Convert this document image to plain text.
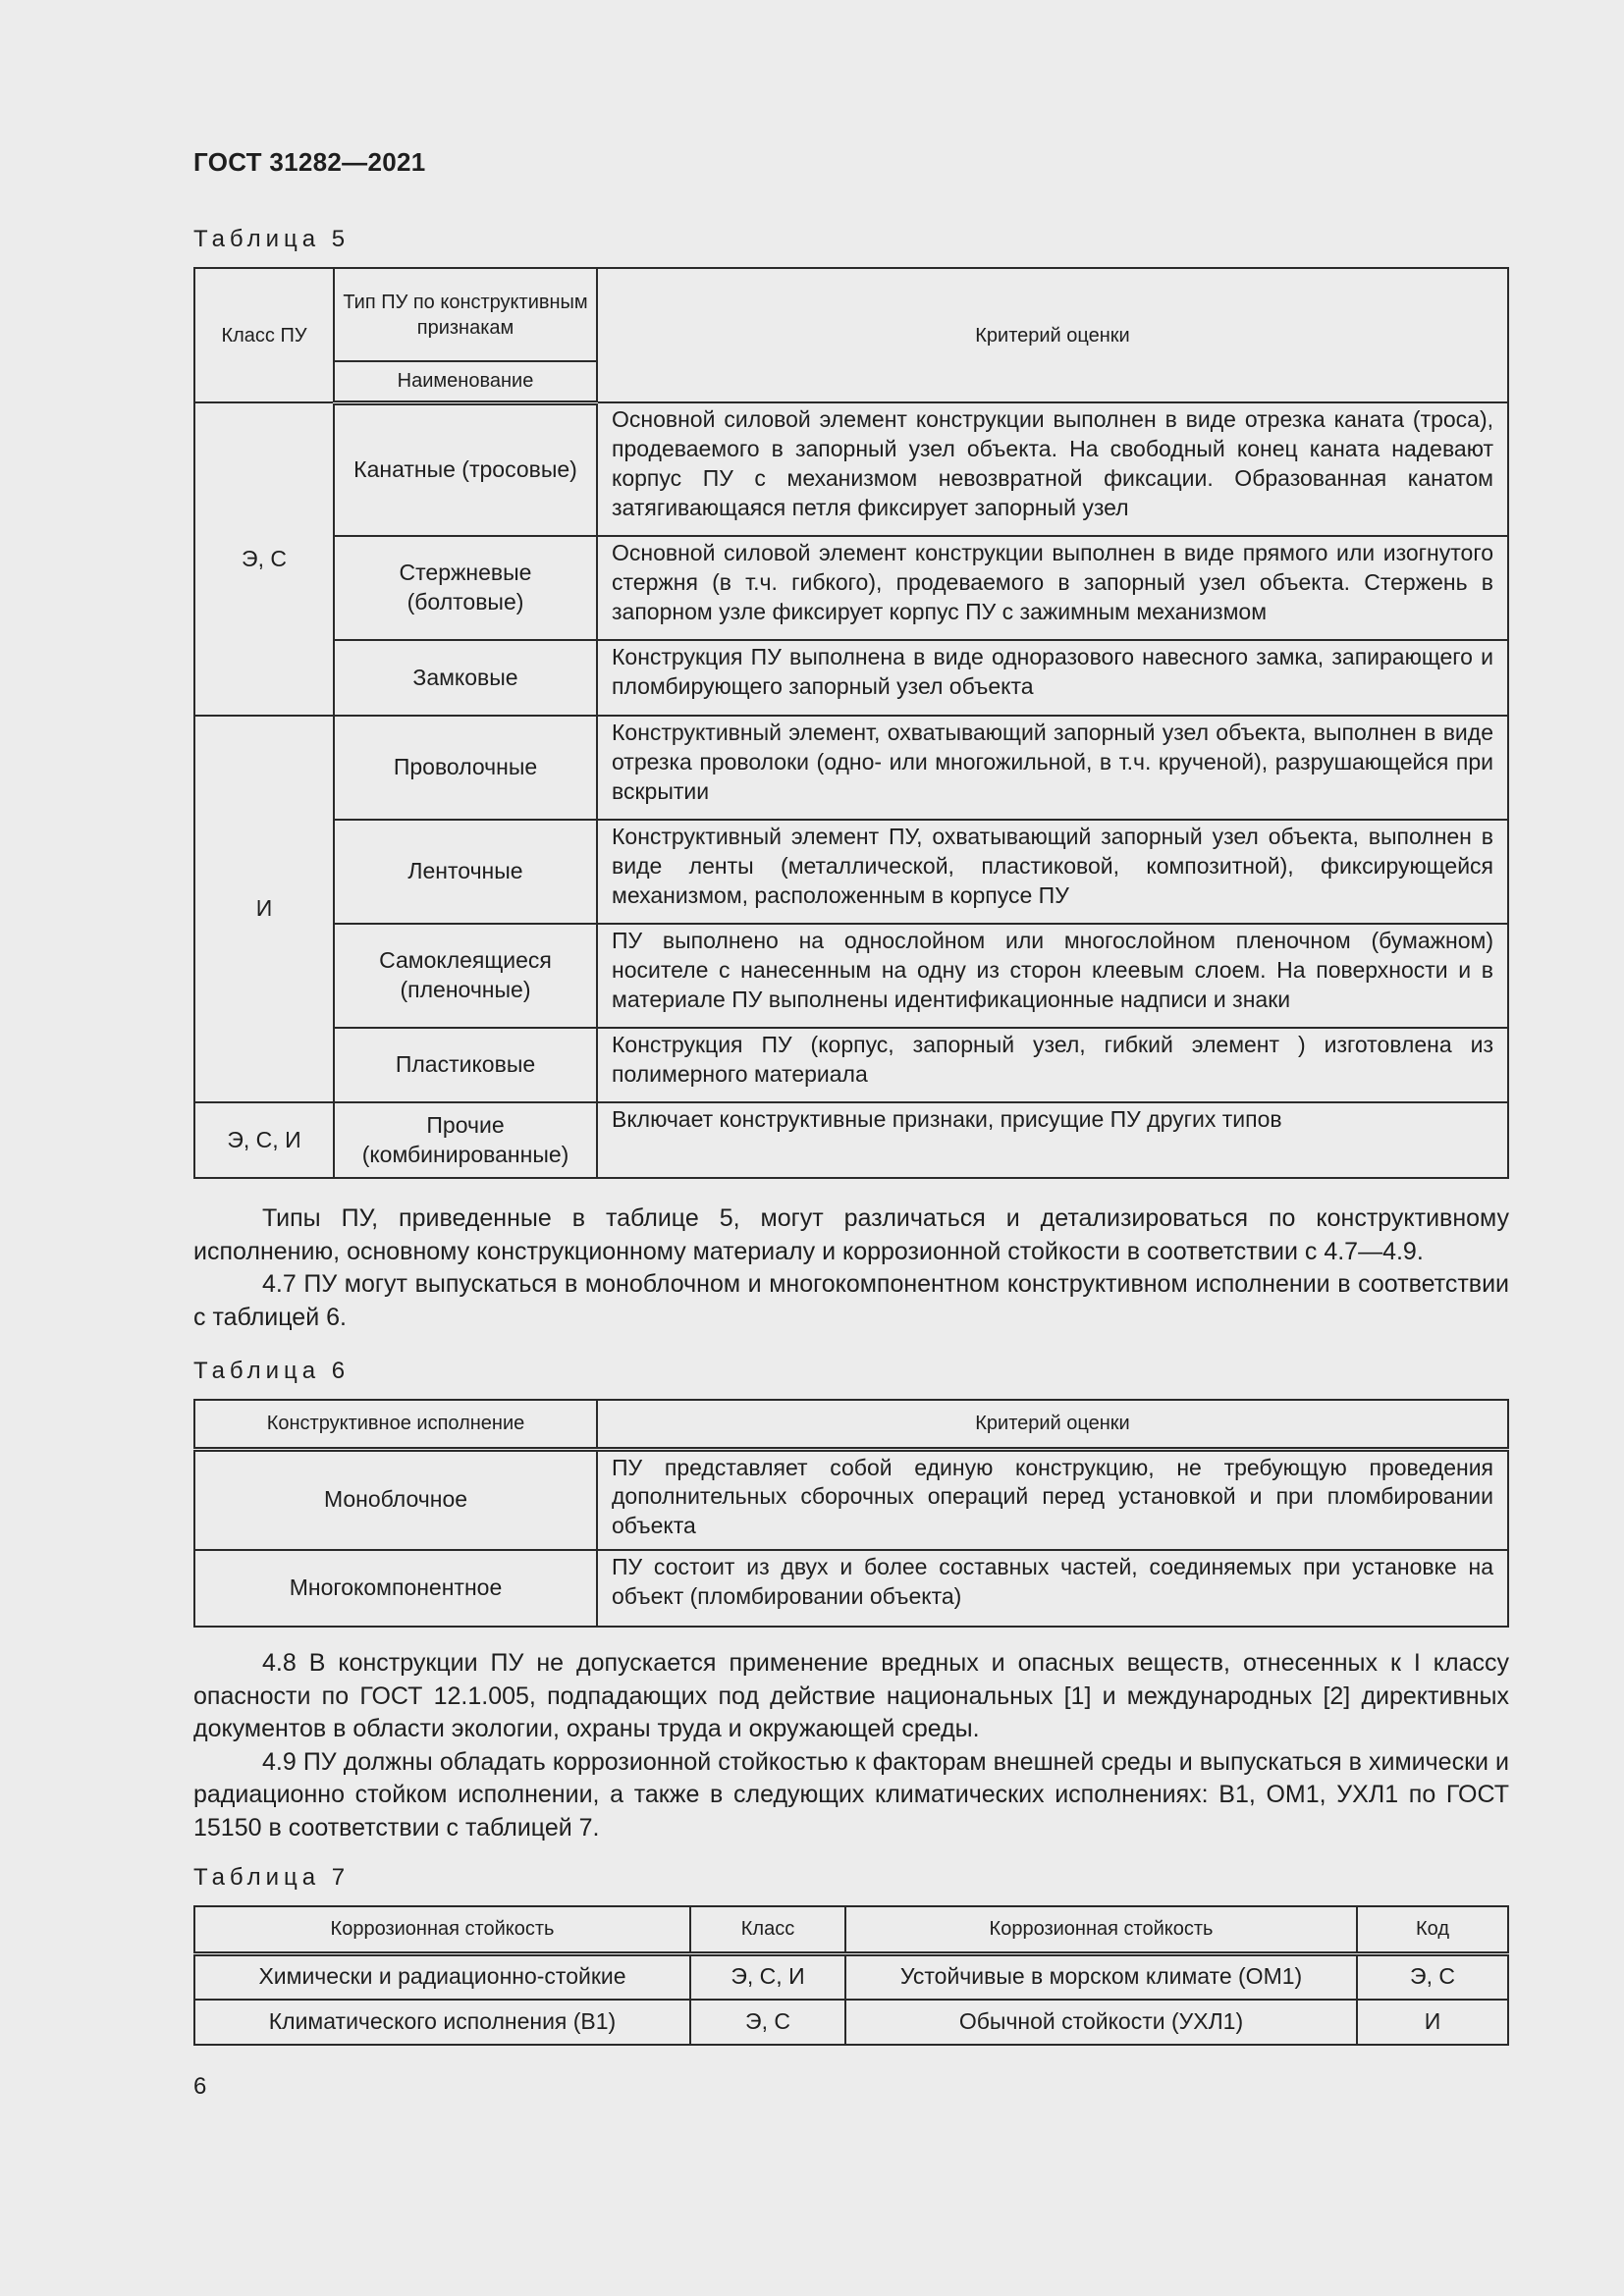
ГОСТ 31282—2021
Таблица 5
Класс ПУ	Тип ПУ по конструктивным признакам	Критерий оценки
	Наименование	
Э, С	Канатные (тросовые)	Основной силовой элемент конструкции выполнен в виде отрезка каната (троса), продеваемого в запорный узел объекта. На свободный конец каната надевают корпус ПУ с механизмом невозвратной фиксации. Образованная канатом затягивающаяся петля фиксирует запорный узел
	Стержневые (болтовые)	Основной силовой элемент конструкции выполнен в виде прямого или изогнутого стержня (в т.ч. гибкого), продеваемого в запорный узел объекта. Стержень в запорном узле фиксирует корпус ПУ с зажимным механизмом
	Замковые	Конструкция ПУ выполнена в виде одноразового навесного замка, запирающего и пломбирующего запорный узел объекта
И	Проволочные	Конструктивный элемент, охватывающий запорный узел объекта, выполнен в виде отрезка проволоки (одно- или многожильной, в т.ч. крученой), разрушающейся при вскрытии
	Ленточные	Конструктивный элемент ПУ, охватывающий запорный узел объекта, выполнен в виде ленты (металлической, пластиковой, композитной), фиксирующейся механизмом, расположенным в корпусе ПУ
	Самоклеящиеся (пленочные)	ПУ выполнено на однослойном или многослойном пленочном (бумажном) носителе с нанесенным на одну из сторон клеевым слоем. На поверхности и в материале ПУ выполнены идентификационные надписи и знаки
	Пластиковые	Конструкция ПУ (корпус, запорный узел, гибкий элемент ) изготовлена из полимерного материала
Э, С, И	Прочие (комбинированные)	Включает конструктивные признаки, присущие ПУ других типов

Типы ПУ, приведенные в таблице 5, могут различаться и детализироваться по конструктивному исполнению, основному конструкционному материалу и коррозионной стойкости в соответствии с 4.7—4.9.

4.7 ПУ могут выпускаться в моноблочном и многокомпонентном конструктивном исполнении в соответствии с таблицей 6.

Таблица 6
Конструктивное исполнение	Критерий оценки
Моноблочное	ПУ представляет собой единую конструкцию, не требующую проведения дополнительных сборочных операций перед установкой и при пломбировании объекта
Многокомпонентное	ПУ состоит из двух и более составных частей, соединяемых при установке на объект (пломбировании объекта)

4.8 В конструкции ПУ не допускается применение вредных и опасных веществ, отнесенных к I классу опасности по ГОСТ 12.1.005, подпадающих под действие национальных [1] и международных [2] директивных документов в области экологии, охраны труда и окружающей среды.

4.9 ПУ должны обладать коррозионной стойкостью к факторам внешней среды и выпускаться в химически и радиационно стойком исполнении, а также в следующих климатических исполнениях: В1, ОМ1, УХЛ1 по ГОСТ 15150 в соответствии с таблицей 7.

Таблица 7
Коррозионная стойкость	Класс	Коррозионная стойкость	Код
Химически и радиационно-стойкие	Э, С, И	Устойчивые в морском климате (ОМ1)	Э, С
Климатического исполнения (В1)	Э, С	Обычной стойкости (УХЛ1)	И
6
